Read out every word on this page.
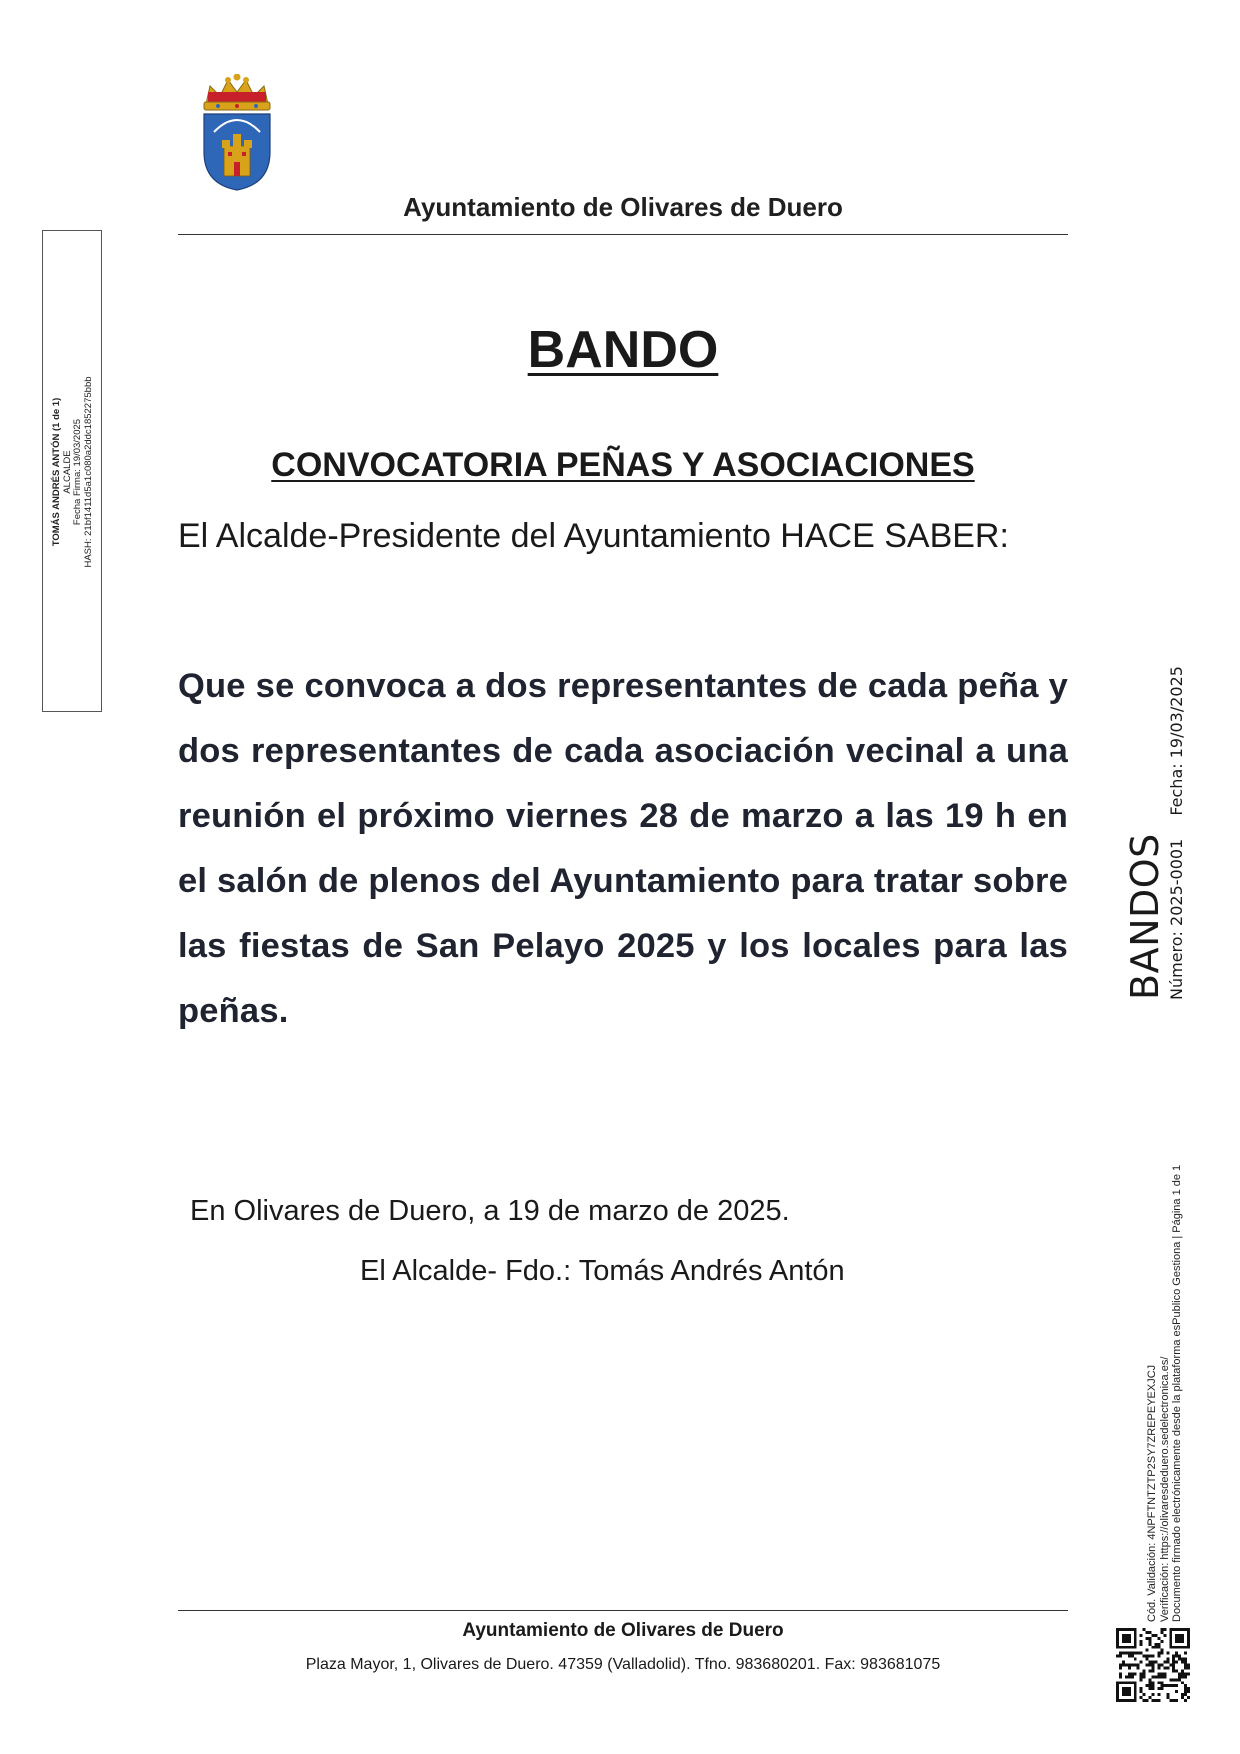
Ayuntamiento de Olivares de Duero
BANDO
CONVOCATORIA PEÑAS Y ASOCIACIONES
El Alcalde-Presidente del Ayuntamiento HACE SABER:
Que se convoca a dos representantes de cada peña y dos representantes de cada asociación vecinal a una reunión el próximo viernes 28 de marzo a las 19 h en el salón de plenos del Ayuntamiento para tratar sobre las fiestas de San Pelayo 2025 y los locales para las peñas.
En Olivares de Duero, a 19 de marzo de 2025.
El Alcalde- Fdo.: Tomás Andrés Antón
Ayuntamiento de Olivares de Duero
Plaza Mayor, 1, Olivares de Duero. 47359 (Valladolid). Tfno. 983680201. Fax: 983681075
TOMÁS ANDRÉS ANTÓN (1 de 1) ALCALDE Fecha Firma: 19/03/2025 HASH: 21bf1411d5a1c080a2ddc1852275bbb
BANDOS Número: 2025-0001 Fecha: 19/03/2025
Cód. Validación: 4NPFTNTZTP2SY7ZREPEYEXJCJ Verificación: https://olivaresdeduero.sedelectronica.es/ Documento firmado electrónicamente desde la plataforma esPublico Gestiona | Página 1 de 1
